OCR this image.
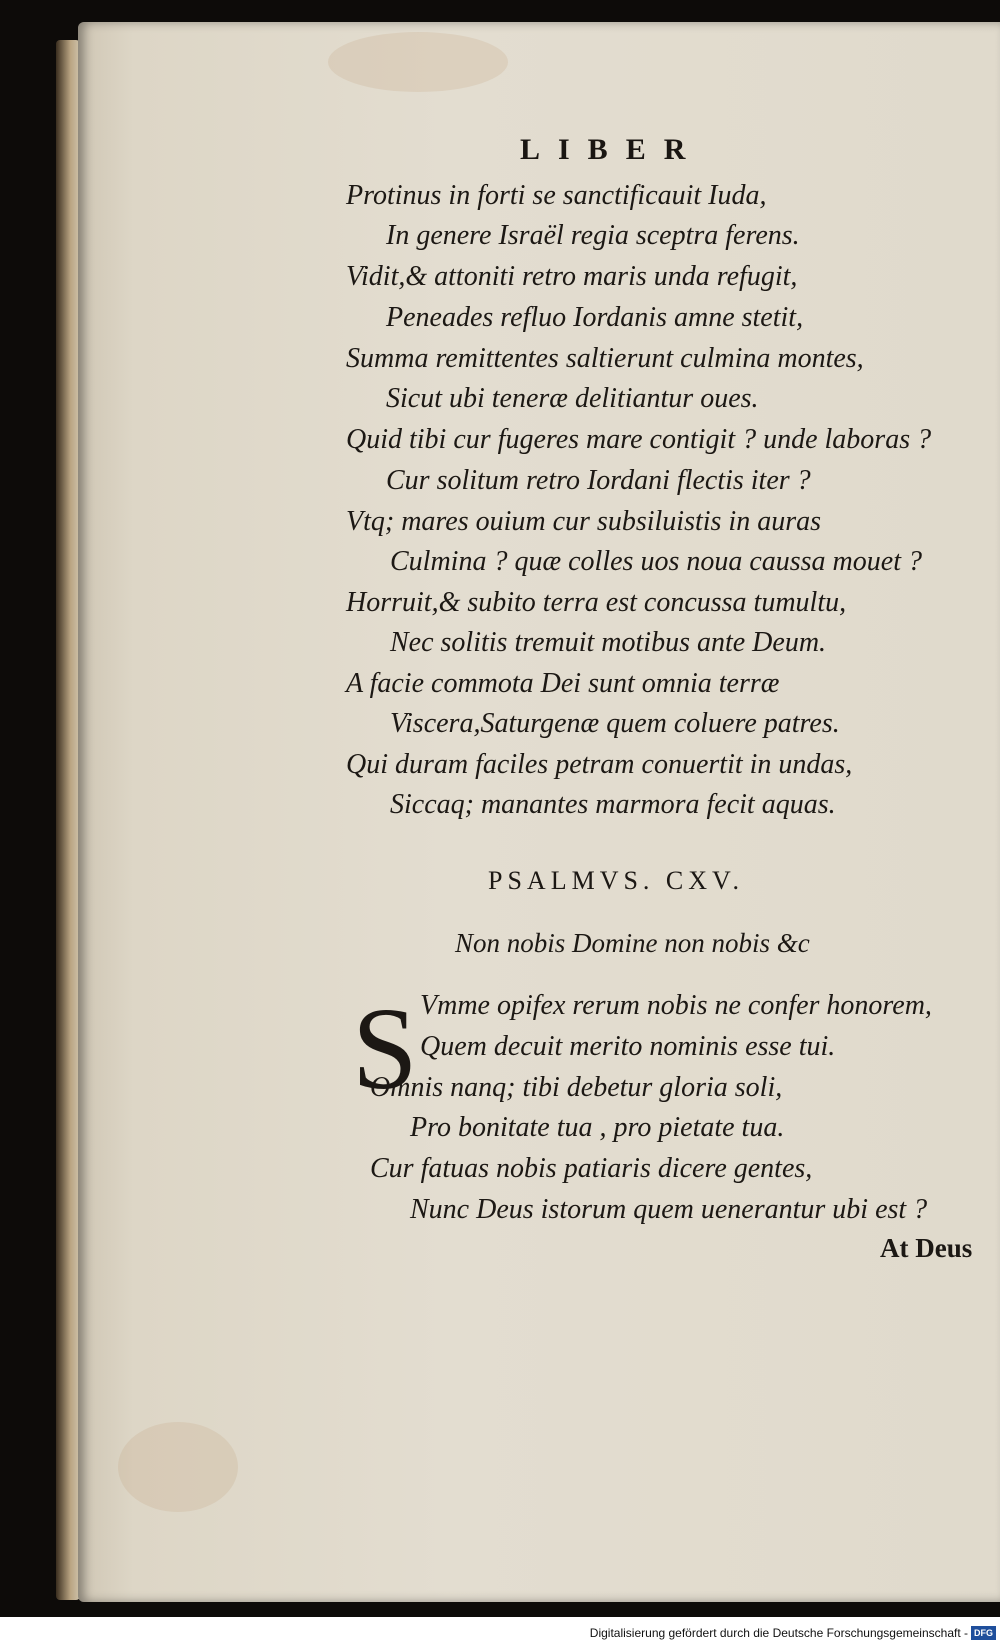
LIBER
Protinus in forti se sanctificauit Iuda,
In genere Israël regia sceptra ferens.
Vidit,& attoniti retro maris unda refugit,
Peneades refluo Iordanis amne stetit,
Summa remittentes saltierunt culmina montes,
Sicut ubi teneræ delitiantur oues.
Quid tibi cur fugeres mare contigit ? unde laboras ?
Cur solitum retro Iordani flectis iter ?
Vtq; mares ouium cur subsiluistis in auras
Culmina ? quæ colles uos noua caussa mouet ?
Horruit,& subito terra est concussa tumultu,
Nec solitis tremuit motibus ante Deum.
A facie commota Dei sunt omnia terræ
Viscera,Saturgenæ quem coluere patres.
Qui duram faciles petram conuertit in undas,
Siccaq; manantes marmora fecit aquas.
PSALMVS. CXV.
Non nobis Domine non nobis &c
S Vmme opifex rerum nobis ne confer honorem,
Quem decuit merito nominis esse tui.
Omnis nanq; tibi debetur gloria soli,
Pro bonitate tua , pro pietate tua.
Cur fatuas nobis patiaris dicere gentes,
Nunc Deus istorum quem uenerantur ubi est ?
At Deus
Digitalisierung gefördert durch die Deutsche Forschungsgemeinschaft - DFG
